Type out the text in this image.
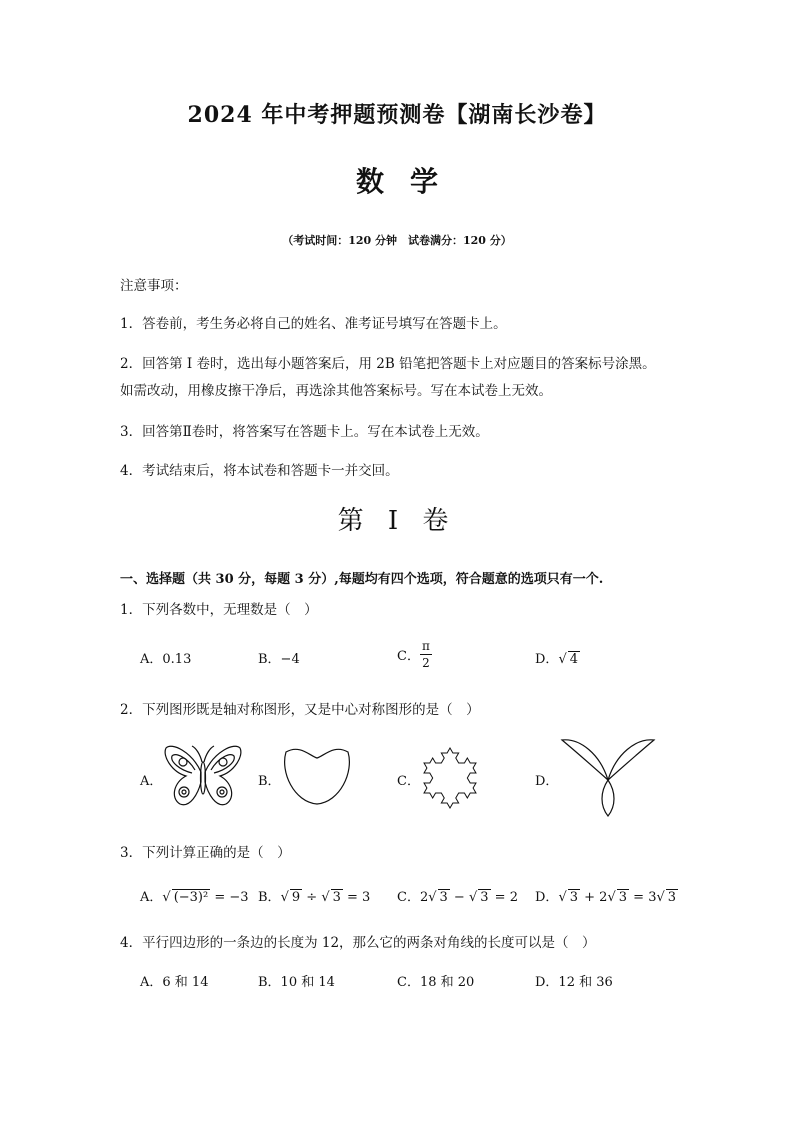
2024 年中考押题预测卷【湖南长沙卷】
数学
（考试时间：120 分钟　试卷满分：120 分）
注意事项：
1．答卷前，考生务必将自己的姓名、准考证号填写在答题卡上。
2．回答第 I 卷时，选出每小题答案后，用 2B 铅笔把答题卡上对应题目的答案标号涂黑。
如需改动，用橡皮擦干净后，再选涂其他答案标号。写在本试卷上无效。
3．回答第Ⅱ卷时，将答案写在答题卡上。写在本试卷上无效。
4．考试结束后，将本试卷和答题卡一并交回。
第 I 卷
一、选择题（共 30 分，每题 3 分）,每题均有四个选项，符合题意的选项只有一个.
1．下列各数中，无理数是（　）
A．0.13	B．−4	C． $\frac{\pi}{2}$	D．√ 4
2．下列图形既是轴对称图形，又是中心对称图形的是（　）
A．	B．	C．	D．
3．下列计算正确的是（　）
A．√ (−3)² = −3 B．√ 9 ÷ √ 3 = 3 C．2√ 3 − √ 3 = 2 D．√ 3 + 2√ 3 = 3√ 3
4．平行四边形的一条边的长度为 12，那么它的两条对角线的长度可以是（　）
A．6 和 14	B．10 和 14	C．18 和 20	D．12 和 36
